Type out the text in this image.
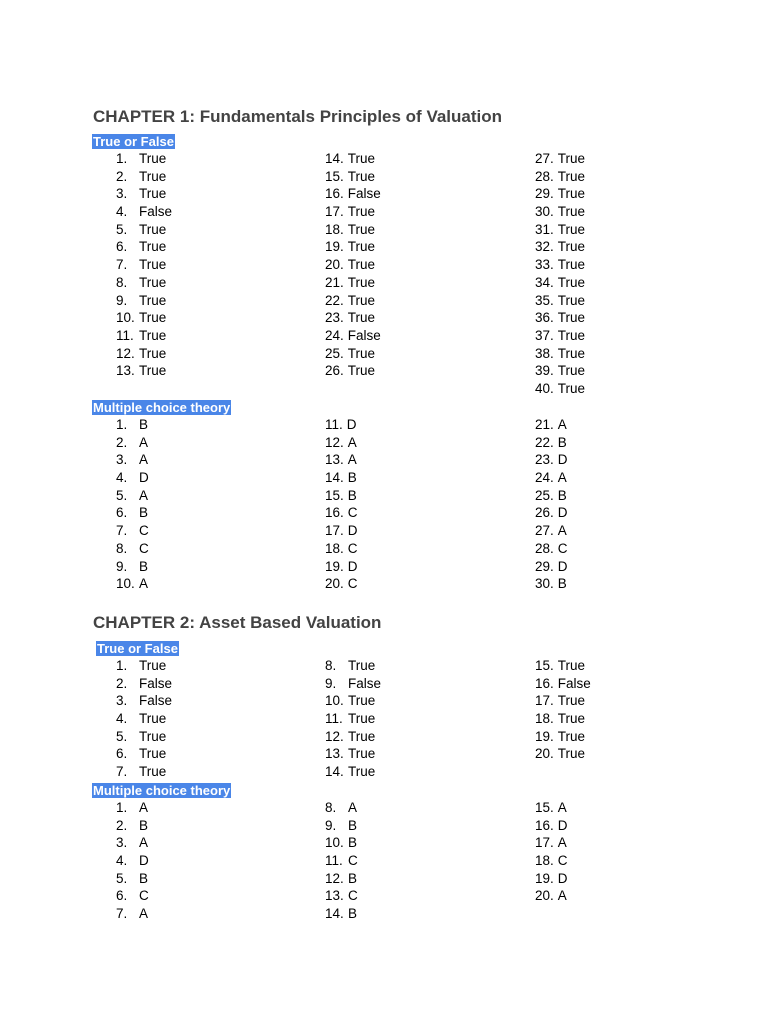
CHAPTER 1: Fundamentals Principles of Valuation
True or False
1. True
2. True
3. True
4. False
5. True
6. True
7. True
8. True
9. True
10. True
11. True
12. True
13. True
14. True
15. True
16. False
17. True
18. True
19. True
20. True
21. True
22. True
23. True
24. False
25. True
26. True
27. True
28. True
29. True
30. True
31. True
32. True
33. True
34. True
35. True
36. True
37. True
38. True
39. True
40. True
Multiple choice theory
1. B
2. A
3. A
4. D
5. A
6. B
7. C
8. C
9. B
10. A
11. D
12. A
13. A
14. B
15. B
16. C
17. D
18. C
19. D
20. C
21. A
22. B
23. D
24. A
25. B
26. D
27. A
28. C
29. D
30. B
CHAPTER 2: Asset Based Valuation
True or False
1. True
2. False
3. False
4. True
5. True
6. True
7. True
8. True
9. False
10. True
11. True
12. True
13. True
14. True
15. True
16. False
17. True
18. True
19. True
20. True
Multiple choice theory
1. A
2. B
3. A
4. D
5. B
6. C
7. A
8. A
9. B
10. B
11. C
12. B
13. C
14. B
15. A
16. D
17. A
18. C
19. D
20. A
